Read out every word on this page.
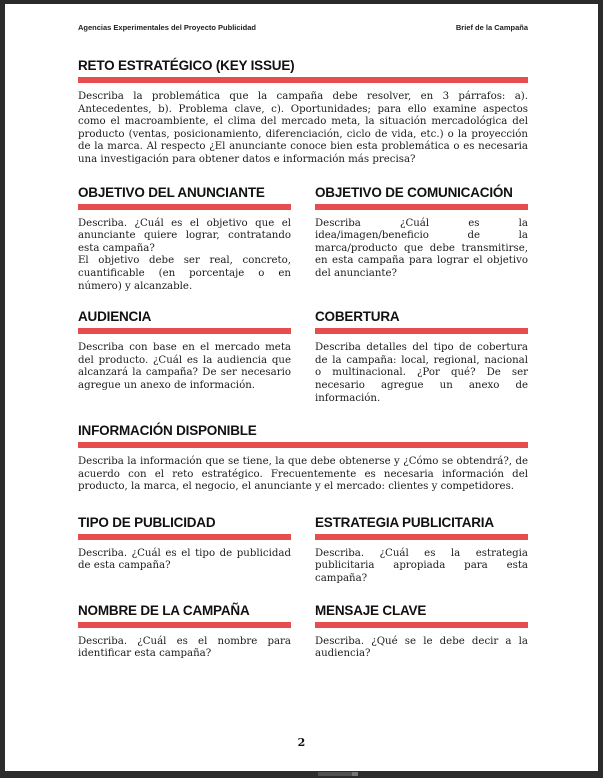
Agencias Experimentales del Proyecto Publicidad	Brief de la Campaña
RETO ESTRATÉGICO (KEY ISSUE)

Describa la problemática que la campaña debe resolver, en 3 párrafos: a). Antecedentes, b). Problema clave, c). Oportunidades; para ello examine aspectos como el macroambiente, el clima del mercado meta, la situación mercadológica del producto (ventas, posicionamiento, diferenciación, ciclo de vida, etc.) o la proyección de la marca. Al respecto ¿El anunciante conoce bien esta problemática o es necesaria una investigación para obtener datos e información más precisa?

OBJETIVO DEL ANUNCIANTE

Describa. ¿Cuál es el objetivo que el anunciante quiere lograr, contratando esta campaña?

El objetivo debe ser real, concreto, cuantificable (en porcentaje o en número) y alcanzable.

OBJETIVO DE COMUNICACIÓN

Describa ¿Cuál es la idea/imagen/beneficio de la marca/producto que debe transmitirse, en esta campaña para lograr el objetivo del anunciante?

AUDIENCIA

Describa con base en el mercado meta del producto. ¿Cuál es la audiencia que alcanzará la campaña? De ser necesario agregue un anexo de información.

COBERTURA

Describa detalles del tipo de cobertura de la campaña: local, regional, nacional o multinacional. ¿Por qué? De ser necesario agregue un anexo de información.

INFORMACIÓN DISPONIBLE

Describa la información que se tiene, la que debe obtenerse y ¿Cómo se obtendrá?, de acuerdo con el reto estratégico. Frecuentemente es necesaria información del producto, la marca, el negocio, el anunciante y el mercado: clientes y competidores.

TIPO DE PUBLICIDAD

Describa. ¿Cuál es el tipo de publicidad de esta campaña?

ESTRATEGIA PUBLICITARIA

Describa. ¿Cuál es la estrategia publicitaria apropiada para esta campaña?

NOMBRE DE LA CAMPAÑA

Describa. ¿Cuál es el nombre para identificar esta campaña?

MENSAJE CLAVE

Describa. ¿Qué se le debe decir a la audiencia?

2
